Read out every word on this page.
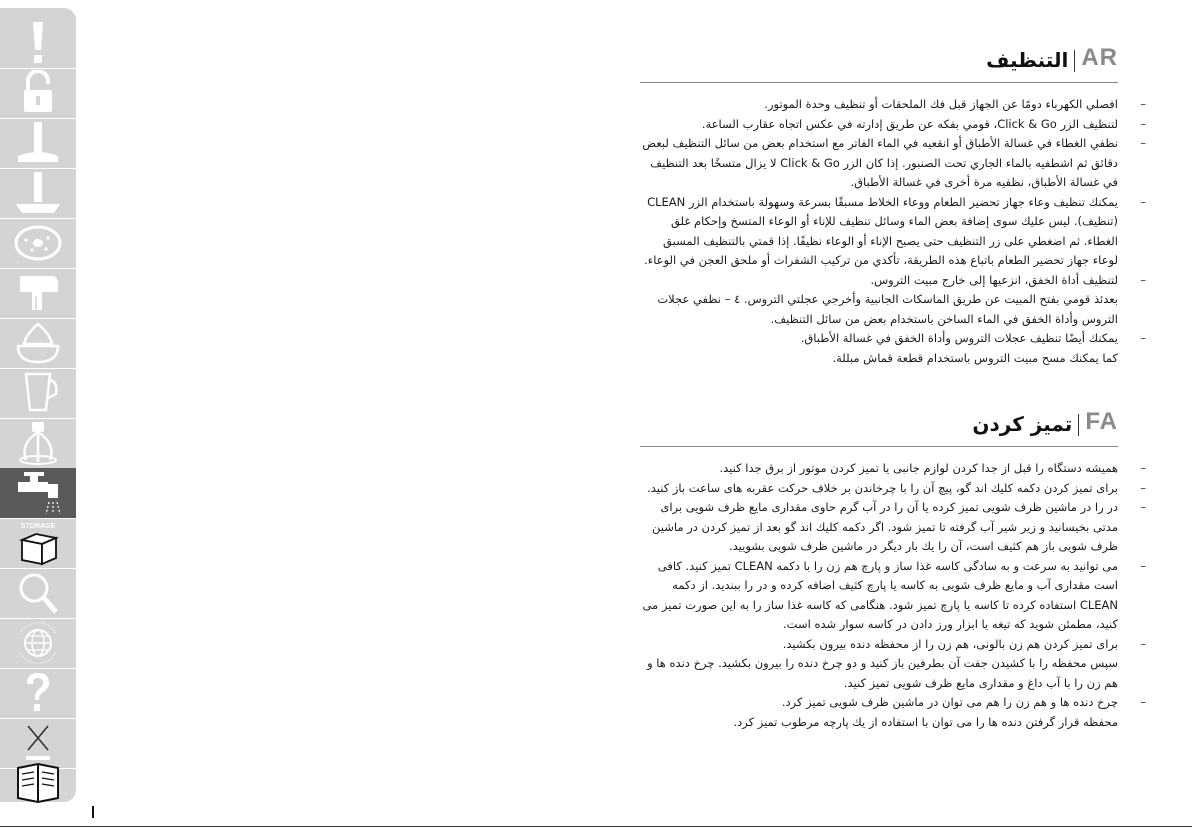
STORAGE
AR
التنظيف
–
افصلي الكهرباء دومًا عن الجهاز قبل فك الملحقات أو تنظيف وحدة الموتور.
–
لتنظيف الزر Click & Go، قومي بفكه عن طريق إدارته في عكس اتجاه عقارب الساعة.
–
نظفي الغطاء في غسالة الأطباق أو انقعيه في الماء الفاتر مع استخدام بعض من سائل التنظيف لبعض دقائق ثم اشطفيه بالماء الجاري تحت الصنبور. إذا كان الزر Click & Go لا يزال متسخًا بعد التنظيف في غسالة الأطباق، نظفيه مرة أخرى في غسالة الأطباق.
–
يمكنك تنظيف وعاء جهاز تحضير الطعام ووعاء الخلاط مسبقًا بسرعة وسهولة باستخدام الزر CLEAN (تنظيف). ليس عليك سوى إضافة بعض الماء وسائل تنظيف للإناء أو الوعاء المتسخ وإحكام غلق الغطاء. ثم اضغطي على زر التنظيف حتى يصبح الإناء أو الوعاء نظيفًا. إذا قمتي بالتنظيف المسبق لوعاء جهاز تحضير الطعام باتباع هذه الطريقة، تأكدي من تركيب الشفرات أو ملحق العجن في الوعاء.
–
لتنظيف أداة الخفق، انزعيها إلى خارج مبيت التروس.
بعدئذ قومي بفتح المبيت عن طريق الماسكات الجانبية وأخرجي عجلتي التروس. ٤ – نظفي عجلات التروس وأداة الخفق في الماء الساخن باستخدام بعض من سائل التنظيف.
–
يمكنك أيضًا تنظيف عجلات التروس وأداة الخفق في غسالة الأطباق.
كما يمكنك مسح مبيت التروس باستخدام قطعة قماش مبللة.
FA
تميز کردن
–
همیشه دستگاه را قبل از جدا کردن لوازم جانبی یا تمیز کردن موتور از برق جدا کنید.
–
برای تمیز کردن دکمه كليك اند گو، پیچ آن را با چرخاندن بر خلاف حرکت عقربه های ساعت باز کنید.
–
در را در ماشین ظرف شویی تمیز کرده یا آن را در آب گرم حاوی مقداری مایع ظرف شویی برای مدتی بخیسانید و زیر شیر آب گرفته تا تمیز شود. اگر دکمه كليك اند گو بعد از تمیز کردن در ماشین ظرف شویی باز هم کثیف است، آن را يك بار دیگر در ماشین ظرف شویی بشویید.
–
می توانید به سرعت و به سادگی کاسه غذا ساز و پارچ هم زن را با دکمه CLEAN تمیز کنید. کافی است مقداری آب و مایع ظرف شویی به کاسه یا پارچ کثیف اضافه کرده و در را ببندید. از دکمه CLEAN استفاده کرده تا کاسه یا پارچ تمیز شود. هنگامی که کاسه غذا ساز را به این صورت تمیز می کنید، مطمئن شوید که تیغه یا ابزار ورز دادن در کاسه سوار شده است.
–
برای تمیز کردن هم زن بالونی، هم زن را از محفظه دنده بیرون بکشید.
سپس محفظه را با کشیدن جفت آن بطرفین باز کنید و دو چرخ دنده را بیرون بکشید. چرخ دنده ها و هم زن را با آب داغ و مقداری مایع ظرف شویی تمیز کنید.
–
چرخ دنده ها و هم زن را هم می توان در ماشین ظرف شویی تمیز کرد.
محفظه قرار گرفتن دنده ها را می توان با استفاده از يك پارچه مرطوب تمیز کرد.
